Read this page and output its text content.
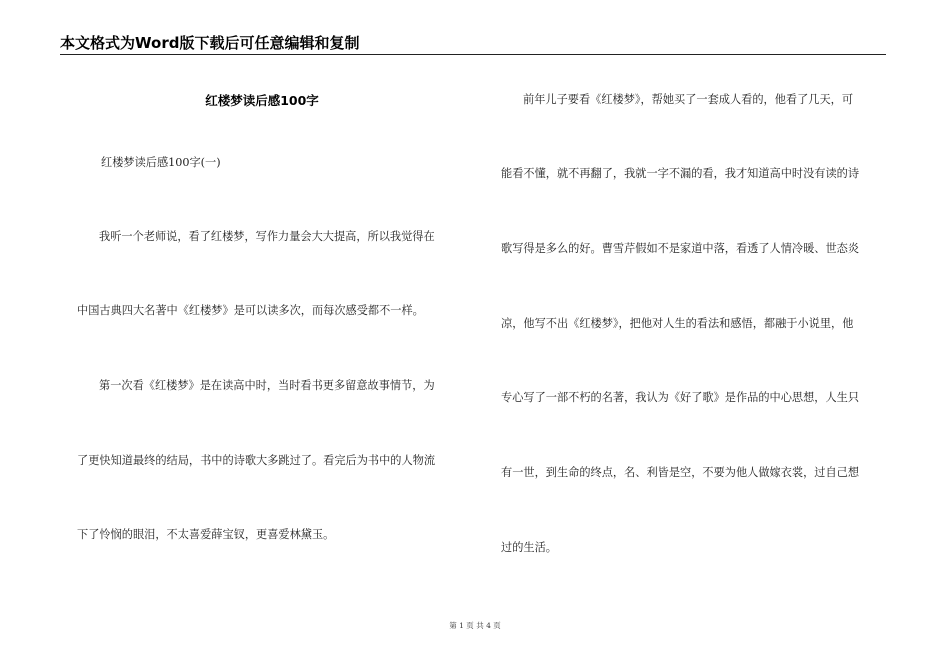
本文格式为Word版下载后可任意编辑和复制
红楼梦读后感100字
红楼梦读后感100字(一)
我听一个老师说，看了红楼梦，写作力量会大大提高，所以我觉得在
中国古典四大名著中《红楼梦》是可以读多次，而每次感受都不一样。
第一次看《红楼梦》是在读高中时，当时看书更多留意故事情节，为
了更快知道最终的结局，书中的诗歌大多跳过了。看完后为书中的人物流
下了怜悯的眼泪，不太喜爱薛宝钗，更喜爱林黛玉。
前年儿子要看《红楼梦》，帮她买了一套成人看的，他看了几天，可
能看不懂，就不再翻了，我就一字不漏的看，我才知道高中时没有读的诗
歌写得是多么的好。曹雪芹假如不是家道中落，看透了人情冷暖、世态炎
凉，他写不出《红楼梦》，把他对人生的看法和感悟，都融于小说里，他
专心写了一部不朽的名著，我认为《好了歌》是作品的中心思想，人生只
有一世，到生命的终点，名、利皆是空，不要为他人做嫁衣裳，过自己想
过的生活。
第 1 页 共 4 页
